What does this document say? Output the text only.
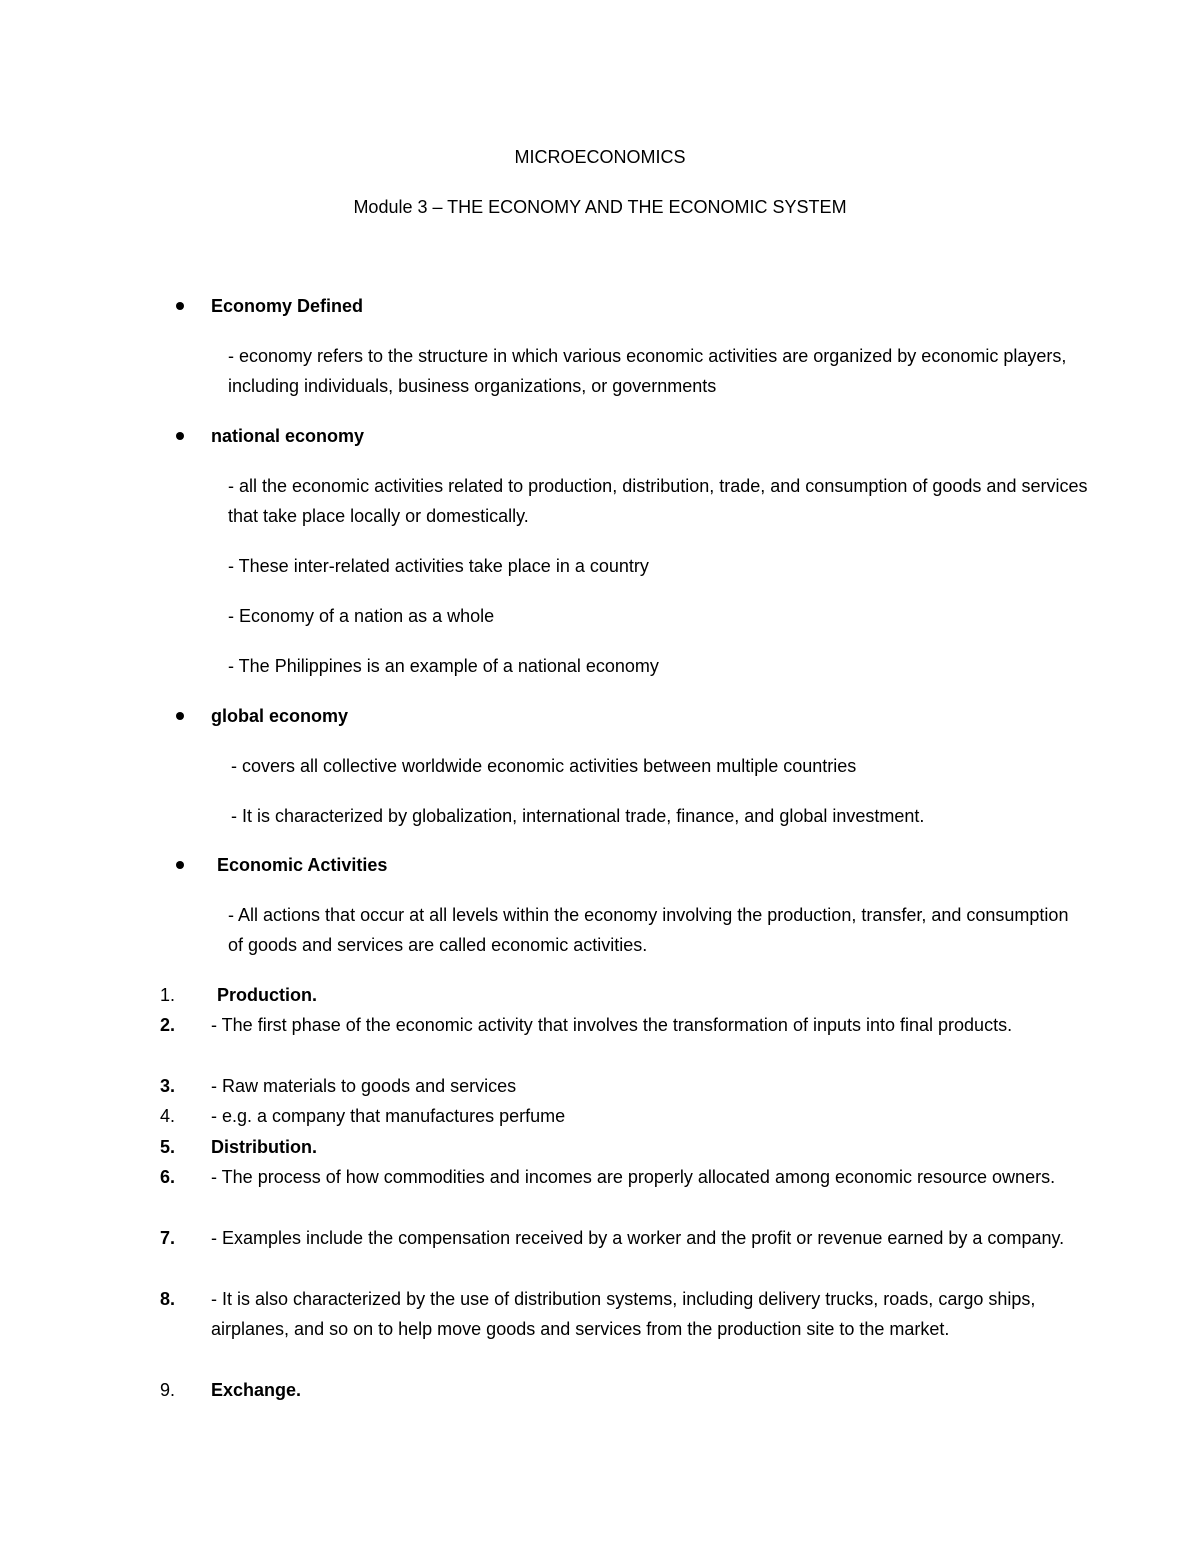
MICROECONOMICS
Module 3 – THE ECONOMY AND THE ECONOMIC SYSTEM
Economy Defined
- economy refers to the structure in which various economic activities are organized by economic players, including individuals, business organizations, or governments
national economy
- all the economic activities related to production, distribution, trade, and consumption of goods and services that take place locally or domestically.
- These inter-related activities take place in a country
- Economy of a nation as a whole
- The Philippines is an example of a national economy
global economy
- covers all collective worldwide economic activities between multiple countries
- It is characterized by globalization, international trade, finance, and global investment.
Economic Activities
- All actions that occur at all levels within the economy involving the production, transfer, and consumption of goods and services are called economic activities.
1.	Production.
2.	- The first phase of the economic activity that involves the transformation of inputs into final products.
3.	- Raw materials to goods and services
4.	- e.g. a company that manufactures perfume
5.	Distribution.
6.	- The process of how commodities and incomes are properly allocated among economic resource owners.
7.	- Examples include the compensation received by a worker and the profit or revenue earned by a company.
8.	- It is also characterized by the use of distribution systems, including delivery trucks, roads, cargo ships, airplanes, and so on to help move goods and services from the production site to the market.
9.	Exchange.
